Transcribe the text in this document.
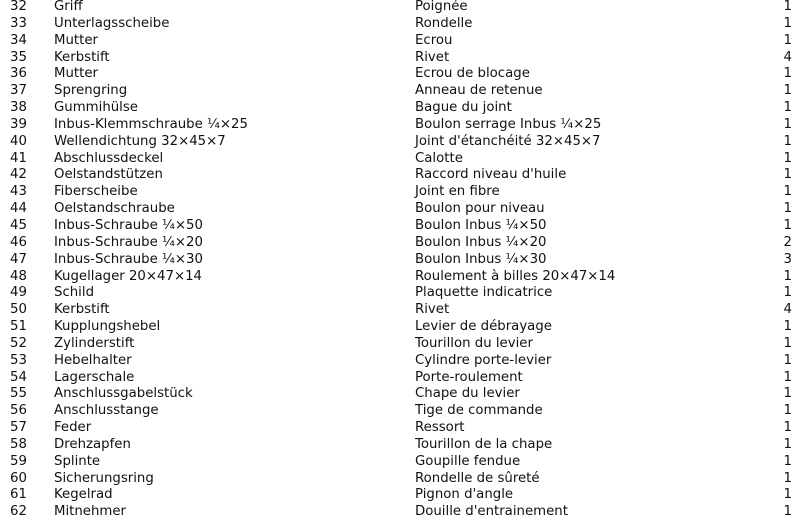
32 Griff	Poignée	1
33 Unterlagsscheibe	Rondelle	1
34 Mutter	Ecrou	1
35 Kerbstift	Rivet	4
36 Mutter	Ecrou de blocage	1
37 Sprengring	Anneau de retenue	1
38 Gummihülse	Bague du joint	1
39 Inbus-Klemmschraube ¼×25	Boulon serrage Inbus ¼×25	1
40 Wellendichtung 32×45×7	Joint d'étanchéité 32×45×7	1
41 Abschlussdeckel	Calotte	1
42 Oelstandstützen	Raccord niveau d'huile	1
43 Fiberscheibe	Joint en fibre	1
44 Oelstandschraube	Boulon pour niveau	1
45 Inbus-Schraube ¼×50	Boulon Inbus ¼×50	1
46 Inbus-Schraube ¼×20	Boulon Inbus ¼×20	2
47 Inbus-Schraube ¼×30	Boulon Inbus ¼×30	3
48 Kugellager 20×47×14	Roulement à billes 20×47×14	1
49 Schild	Plaquette indicatrice	1
50 Kerbstift	Rivet	4
51 Kupplungshebel	Levier de débrayage	1
52 Zylinderstift	Tourillon du levier	1
53 Hebelhalter	Cylindre porte-levier	1
54 Lagerschale	Porte-roulement	1
55 Anschlussgabelstück	Chape du levier	1
56 Anschlusstange	Tige de commande	1
57 Feder	Ressort	1
58 Drehzapfen	Tourillon de la chape	1
59 Splinte	Goupille fendue	1
60 Sicherungsring	Rondelle de sûreté	1
61 Kegelrad	Pignon d'angle	1
62 Mitnehmer	Douille d'entrainement	1
